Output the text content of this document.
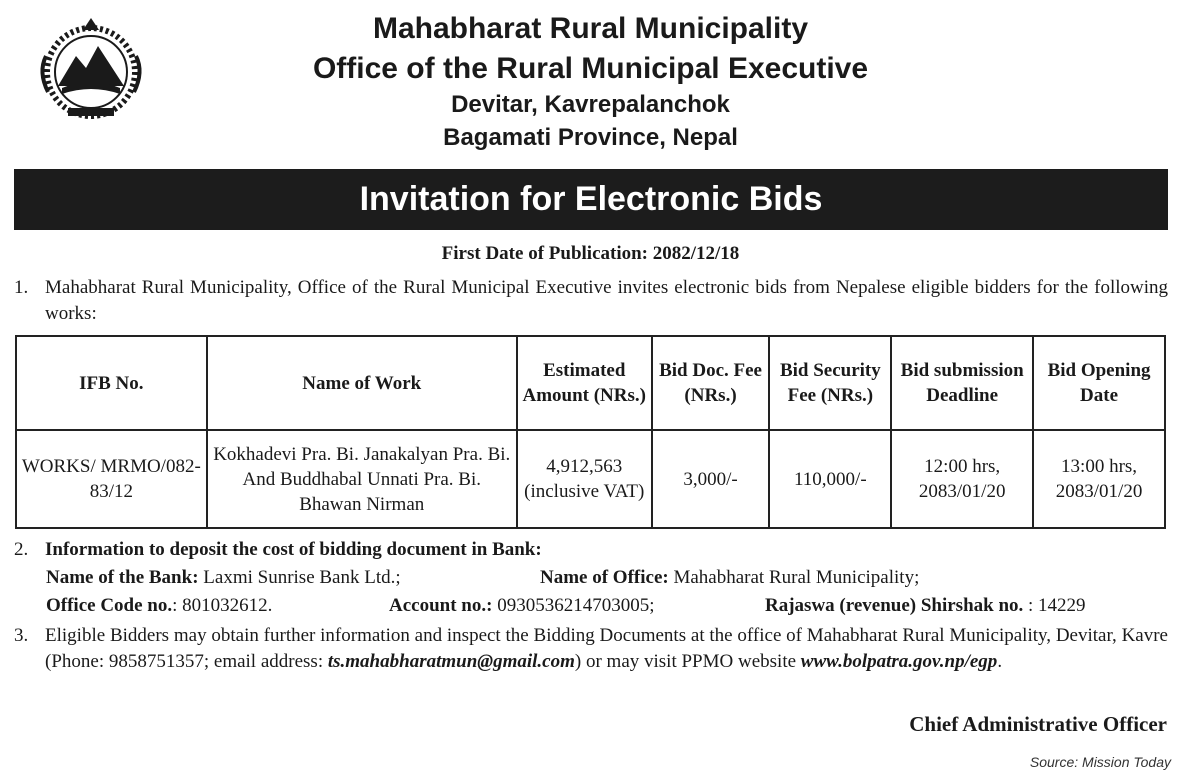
Mahabharat Rural Municipality
Office of the Rural Municipal Executive
Devitar, Kavrepalanchok
Bagamati Province, Nepal
Invitation for Electronic Bids
First Date of Publication: 2082/12/18
1. Mahabharat Rural Municipality, Office of the Rural Municipal Executive invites electronic bids from Nepalese eligible bidders for the following works:
IFB No.	Name of Work	Estimated Amount (NRs.)	Bid Doc. Fee (NRs.)	Bid Security Fee (NRs.)	Bid submission Deadline	Bid Opening Date
WORKS/ MRMO/082-83/12	Kokhadevi Pra. Bi. Janakalyan Pra. Bi. And Buddhabal Unnati Pra. Bi. Bhawan Nirman	4,912,563 (inclusive VAT)	3,000/-	110,000/-	12:00 hrs, 2083/01/20	13:00 hrs, 2083/01/20
2. Information to deposit the cost of bidding document in Bank:
Name of the Bank: Laxmi Sunrise Bank Ltd.;	Name of Office: Mahabharat Rural Municipality;
Office Code no.: 801032612.	Account no.: 0930536214703005;	Rajaswa (revenue) Shirshak no. : 14229
3. Eligible Bidders may obtain further information and inspect the Bidding Documents at the office of Mahabharat Rural Municipality, Devitar, Kavre (Phone: 9858751357; email address: ts.mahabharatmun@gmail.com) or may visit PPMO website www.bolpatra.gov.np/egp.
Chief Administrative Officer
Source: Mission Today
